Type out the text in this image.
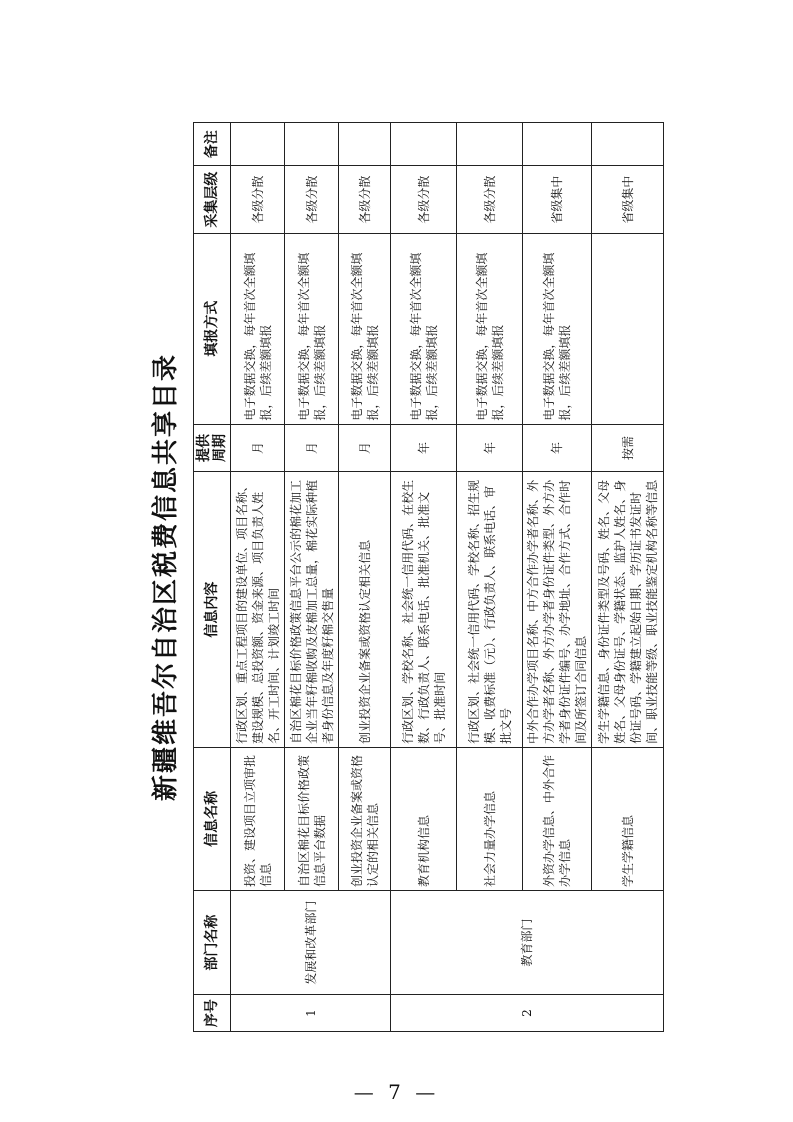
新疆维吾尔自治区税费信息共享目录
序号	部门名称	信息名称	信息内容	提供周期	填报方式	采集层级	备注
1	发展和改革部门	投资、建设项目立项审批信息	行政区划、重点工程项目的建设单位、项目名称、建设规模、总投资额、资金来源、项目负责人姓名、开工时间、计划竣工时间	月	电子数据交换，每年首次全额填报，后续差额填报	各级分散	
		自治区棉花目标价格政策信息平台数据	自治区棉花目标价格政策信息平台公示的棉花加工企业当年籽棉收购及皮棉加工总量，棉花实际种植者身份信息及年度籽棉交售量	月	电子数据交换，每年首次全额填报，后续差额填报	各级分散	
		创业投资企业备案或资格认定的相关信息	创业投资企业备案或资格认定相关信息	月	电子数据交换，每年首次全额填报，后续差额填报	各级分散	
2	教育部门	教育机构信息	行政区划、学校名称、社会统一信用代码、在校生数、行政负责人、联系电话、批准机关、批准文号、批准时间	年	电子数据交换，每年首次全额填报，后续差额填报	各级分散	
		社会力量办学信息	行政区划、社会统一信用代码、学校名称、招生规模、收费标准（元）、行政负责人、联系电话、审批文号	年	电子数据交换，每年首次全额填报，后续差额填报	各级分散	
		外资办学信息、中外合作办学信息	中外合作办学项目名称、中方合作办学者名称、外方办学者名称、外方办学者身份证件类型、外方办学者身份证件编号、办学地址、合作方式、合作时间及所签订合同信息	年	电子数据交换，每年首次全额填报，后续差额填报	省级集中	
		学生学籍信息	学生学籍信息、身份证件类型及号码、姓名、父母姓名、父母身份证号、学籍状态、监护人姓名、身份证号码、学籍建立起始日期、学历证书发证时间、职业技能等级、职业技能鉴定机构名称等信息	按需		省级集中	
— 7 —
